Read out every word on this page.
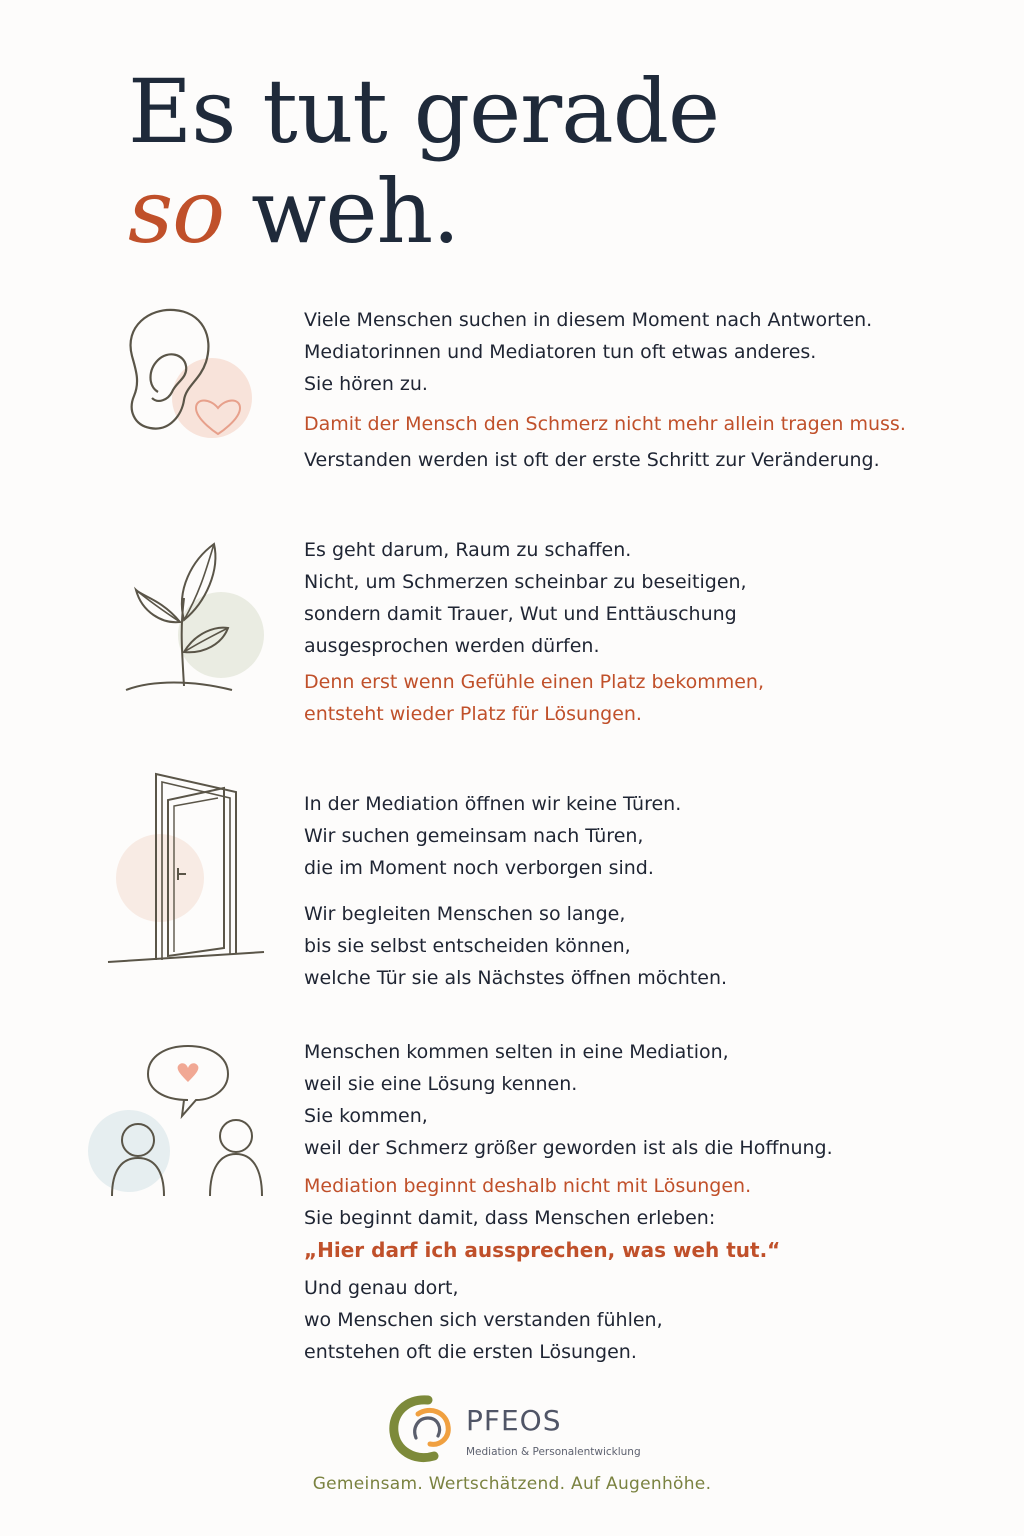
Es tut gerade
so weh.
Viele Menschen suchen in diesem Moment nach Antworten.
Mediatorinnen und Mediatoren tun oft etwas anderes.
Sie hören zu.
Damit der Mensch den Schmerz nicht mehr allein tragen muss.
Verstanden werden ist oft der erste Schritt zur Veränderung.
Es geht darum, Raum zu schaffen.
Nicht, um Schmerzen scheinbar zu beseitigen,
sondern damit Trauer, Wut und Enttäuschung
ausgesprochen werden dürfen.
Denn erst wenn Gefühle einen Platz bekommen,
entsteht wieder Platz für Lösungen.
In der Mediation öffnen wir keine Türen.
Wir suchen gemeinsam nach Türen,
die im Moment noch verborgen sind.
Wir begleiten Menschen so lange,
bis sie selbst entscheiden können,
welche Tür sie als Nächstes öffnen möchten.
Menschen kommen selten in eine Mediation,
weil sie eine Lösung kennen.
Sie kommen,
weil der Schmerz größer geworden ist als die Hoffnung.
Mediation beginnt deshalb nicht mit Lösungen.
Sie beginnt damit, dass Menschen erleben:
„Hier darf ich aussprechen, was weh tut.“
Und genau dort,
wo Menschen sich verstanden fühlen,
entstehen oft die ersten Lösungen.
PFEOS
Mediation & Personalentwicklung
Gemeinsam. Wertschätzend. Auf Augenhöhe.
